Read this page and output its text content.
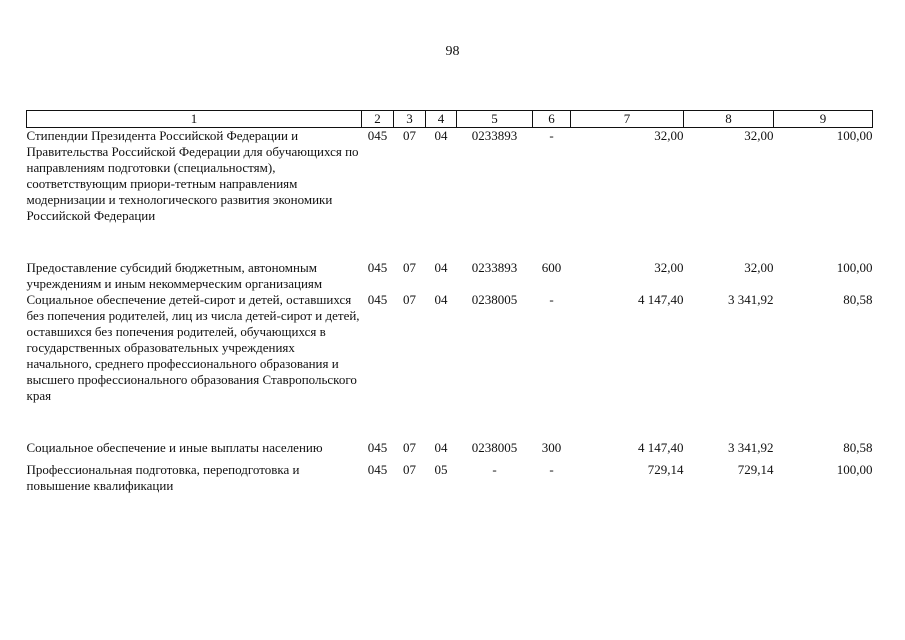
98
1	2	3	4	5	6	7	8	9
Стипендии Президента Российской Федерации и Правительства Российской Федерации для обучающихся по направлениям подготовки (специальностям), соответствующим приори-тетным направлениям модернизации и технологического развития экономики Российской Федерации	045	07	04	0233893	-	32,00	32,00	100,00

Предоставление субсидий бюджетным, автономным учреждениям и иным некоммерческим организациям	045	07	04	0233893	600	32,00	32,00	100,00
Социальное обеспечение детей-сирот и детей, оставшихся без попечения родителей, лиц из числа детей-сирот и детей, оставшихся без попечения родителей, обучающихся в государственных образовательных учреждениях начального, среднего профессионального образования и высшего профессионального образования Ставропольского края	045	07	04	0238005	-	4 147,40	3 341,92	80,58

Социальное обеспечение и иные выплаты населению	045	07	04	0238005	300	4 147,40	3 341,92	80,58

Профессиональная подготовка, переподготовка и повышение квалификации	045	07	05	-	-	729,14	729,14	100,00
